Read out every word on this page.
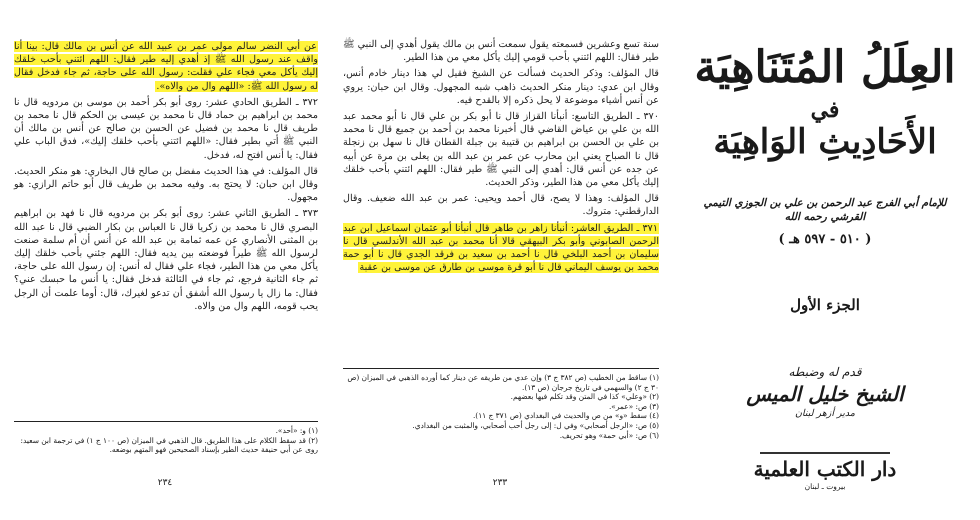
عن أبي النضر سالم مولى عمر بن عبيد الله عن أنس بن مالك قال: بينا أنا واقف عند رسول الله ﷺ إذ أهدي إليه طير فقال: اللهم ائتني بأحب خلقك إليك يأكل معي فجاء علي فقلت: رسول الله على حاجة، ثم جاء فدخل فقال له رسول الله ﷺ: «اللهم وال من والاه».

٣٧٢ ـ الطريق الحادي عشر: روى أبو بكر أحمد بن موسى بن مردويه قال نا محمد بن ابراهيم بن حماد قال نا محمد بن عيسى بن الحكم قال نا محمد بن طريف قال نا محمد بن فضيل عن الحسن بن صالح عن أنس بن مالك أن النبي ﷺ أتي بطير فقال: «اللهم ائتني بأحب خلقك إليك»، فدق الباب علي فقال: يا أنس افتح له، فدخل.

قال المؤلف: في هذا الحديث مفضل بن صالح قال البخاري: هو منكر الحديث. وقال ابن حبان: لا يحتج به. وفيه محمد بن طريف قال أبو حاتم الرازي: هو مجهول.

٣٧٣ ـ الطريق الثاني عشر: روى أبو بكر بن مردويه قال نا فهد بن ابراهيم البصري قال نا محمد بن زكريا قال نا العباس بن بكار الضبي قال نا عبد الله بن المثنى الأنصاري عن عمه ثمامة بن عبد الله عن أنس أن أم سلمة صنعت لرسول الله ﷺ طيراً فوضعته بين يديه فقال: اللهم جئني بأحب خلقك إليك يأكل معي من هذا الطير، فجاء علي فقال له أنس: إن رسول الله على حاجة، ثم جاء الثانية فرجع، ثم جاء في الثالثة فدخل فقال: يا أنس ما حبسك عني؟ فقال: ما زال يا رسول الله أشفق أن تدعو لغيرك، قال: أوما علمت أن الرجل يحب قومه، اللهم وال من والاه.

(١) و: «أحد».

(٢) قد سقط الكلام على هذا الطريق. قال الذهبي في الميزان (ص ١٠٠ ج ١) في ترجمة ابن سعيد: روى عن أبي حنيفة حديث الطير بإسناد الصحيحين فهو المتهم بوضعه.

٢٣٤

سنة تسع وعشرين فسمعته يقول سمعت أنس بن مالك يقول أهدي إلى النبي ﷺ طير فقال: اللهم ائتني بأحب قومي إليك يأكل معي من هذا الطير.

قال المؤلف: وذكر الحديث فسألت عن الشيخ فقيل لي هذا دينار خادم أنس، وقال ابن عدي: دينار منكر الحديث ذاهب شبه المجهول. وقال ابن حبان: يروي عن أنس أشياء موضوعة لا يحل ذكره إلا بالقدح فيه.

٣٧٠ ـ الطريق التاسع: أنبأنا القزاز قال نا أبو بكر بن علي قال نا أبو محمد عبد الله بن علي بن عياض القاضي قال أخبرنا محمد بن أحمد بن جميع قال نا محمد بن علي بن الحسن بن ابراهيم بن قتيبة بن جبلة القطان قال نا سهل بن زنجلة قال نا الصباح يعني ابن محارب عن عمر بن عبد الله بن يعلى بن مرة عن أبيه عن جده عن أنس قال: أهدي إلى النبي ﷺ طير فقال: اللهم ائتني بأحب خلقك إليك يأكل معي من هذا الطير، وذكر الحديث.

قال المؤلف: وهذا لا يصح، قال أحمد ويحيى: عمر بن عبد الله ضعيف. وقال الدارقطني: متروك.

٣٧١ ـ الطريق العاشر: أنبأنا زاهر بن طاهر قال أنبأنا أبو عثمان اسماعيل ابن عبد الرحمن الصابوني وأبو بكر البيهقي قالا أنا محمد بن عبد الله الأندلسي قال نا سليمان بن أحمد البلخي قال نا أحمد بن سعيد بن فرقد الجدي قال نا أبو حمة محمد بن يوسف اليماني قال نا أبو قرة موسى بن طارق عن موسى بن عقبة

(١) ساقط من الخطيب (ص ٣٨٢ ج ٣) وإن عدي من طريقه عن دينار كما أورده الذهبي في الميزان (ص ٣٠ ج ٢) والسهمي في تاريخ جرجان (ص ١٣).

(٢) «وعلي» كذا في المتن وقد تكلم فيها بعضهم.

(٣) ص: «عمر».

(٤) سقط «و» من ص والحديث في البغدادي (ص ٣٧١ ج ١١).

(٥) ص: «الرجل أصحابي» وفي ل: إلى رجل أحب أصحابي، والمثبت من البغدادي.

(٦) ص: «أبي حمة» وهو تحريف.

٢٣٣
العِلَلُ المُتَنَاهِيَة
في
الأَحَادِيثِ الوَاهِيَة
للإمام أبي الفرج عبد الرحمن بن علي بن الجوزي التيمي القرشي رحمه الله
( ٥١٠ - ٥٩٧ هـ )
الجزء الأول
قدم له وضبطه
الشيخ خليل الميس
مدير أزهر لبنان
دار الكتب العلمية
بيروت ـ لبنان
